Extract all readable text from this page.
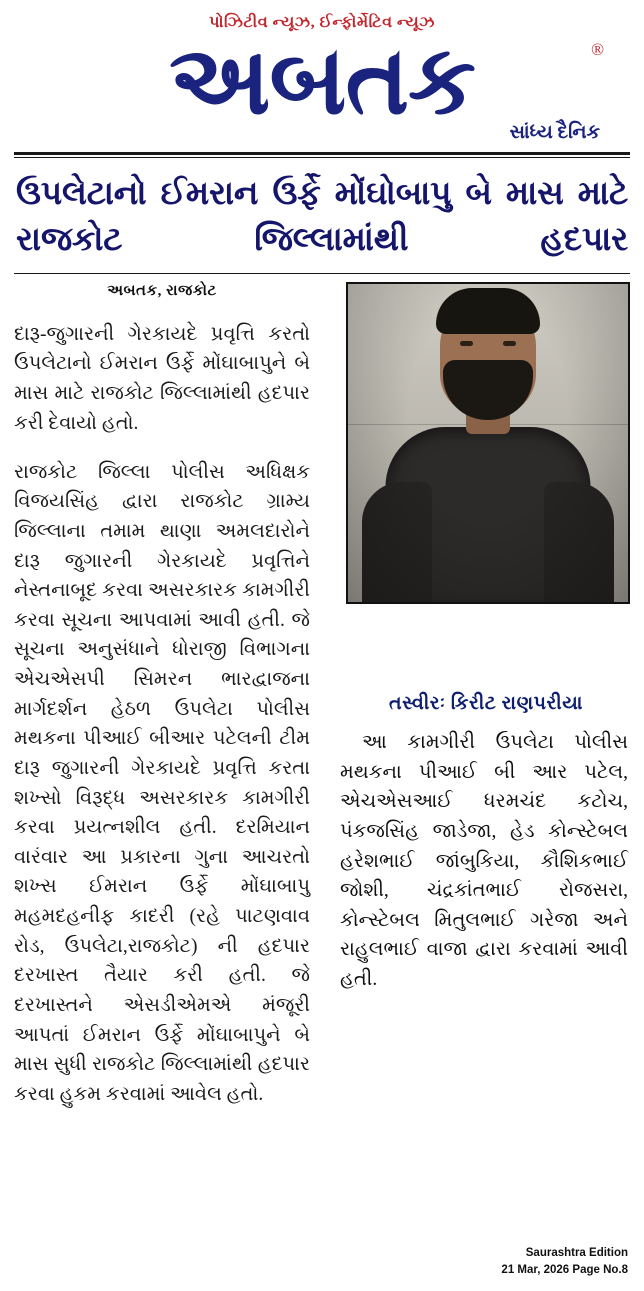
પોઝિટીવ ન્યૂઝ, ઈન્ફોર્મેટિવ ન્યૂઝ
અબતક	®
સાંધ્ય દૈનિક
ઉપલેટાનો ઈમરાન ઉર્ફે મોંઘોબાપુ બે માસ માટે રાજકોટ જિલ્લામાંથી હદપાર
અબતક, રાજકોટ

દારૂ-જુગારની ગેરકાયદે પ્રવૃત્તિ કરતો ઉપલેટાનો ઈમરાન ઉર્ફે મોંઘાબાપુને બે માસ માટે રાજકોટ જિલ્લામાંથી હદપાર કરી દેવાયો હતો.

રાજકોટ જિલ્લા પોલીસ અધિક્ષક વિજયસિંહ દ્વારા રાજકોટ ગ્રામ્ય જિલ્લાના તમામ થાણા અમલદારોને દારૂ જુગારની ગેરકાયદે પ્રવૃત્તિને નેસ્તનાબૂદ કરવા અસરકારક કામગીરી કરવા સૂચના આપવામાં આવી હતી. જે સૂચના અનુસંધાને ધોરાજી વિભાગના એચએસપી સિમરન ભારદ્વાજના માર્ગદર્શન હેઠળ ઉપલેટા પોલીસ મથકના પીઆઈ બીઆર પટેલની ટીમ દારૂ જુગારની ગેરકાયદે પ્રવૃત્તિ કરતા શખ્સો વિરૂદ્ધ અસરકારક કામગીરી કરવા પ્રયત્નશીલ હતી. દરમિયાન વારંવાર આ પ્રકારના ગુના આચરતો શખ્સ ઈમરાન ઉર્ફે મોંઘાબાપુ મહમદહનીફ કાદરી (રહે પાટણવાવ રોડ, ઉપલેટા,રાજકોટ) ની હદપાર દરખાસ્ત તૈયાર કરી હતી. જે દરખાસ્તને એસડીએમએ મંજૂરી આપતાં ઈમરાન ઉર્ફે મોંઘાબાપુને બે માસ સુધી રાજકોટ જિલ્લામાંથી હદપાર કરવા હુકમ કરવામાં આવેલ હતો.

તસ્વીરઃ કિરીટ રાણપરીયા

આ કામગીરી ઉપલેટા પોલીસ મથકના પીઆઈ બી આર પટેલ, એચએસઆઈ ધરમચંદ કટોચ, પંકજસિંહ જાડેજા, હેડ કોન્સ્ટેબલ હરેશભાઈ જાંબુકિયા, કૌશિકભાઈ જોશી, ચંદ્રકાંતભાઈ રોજસરા, કોન્સ્ટેબલ મિતુલભાઈ ગરેજા અને રાહુલભાઈ વાજા દ્વારા કરવામાં આવી હતી.

Saurashtra Edition
21 Mar, 2026 Page No.8
